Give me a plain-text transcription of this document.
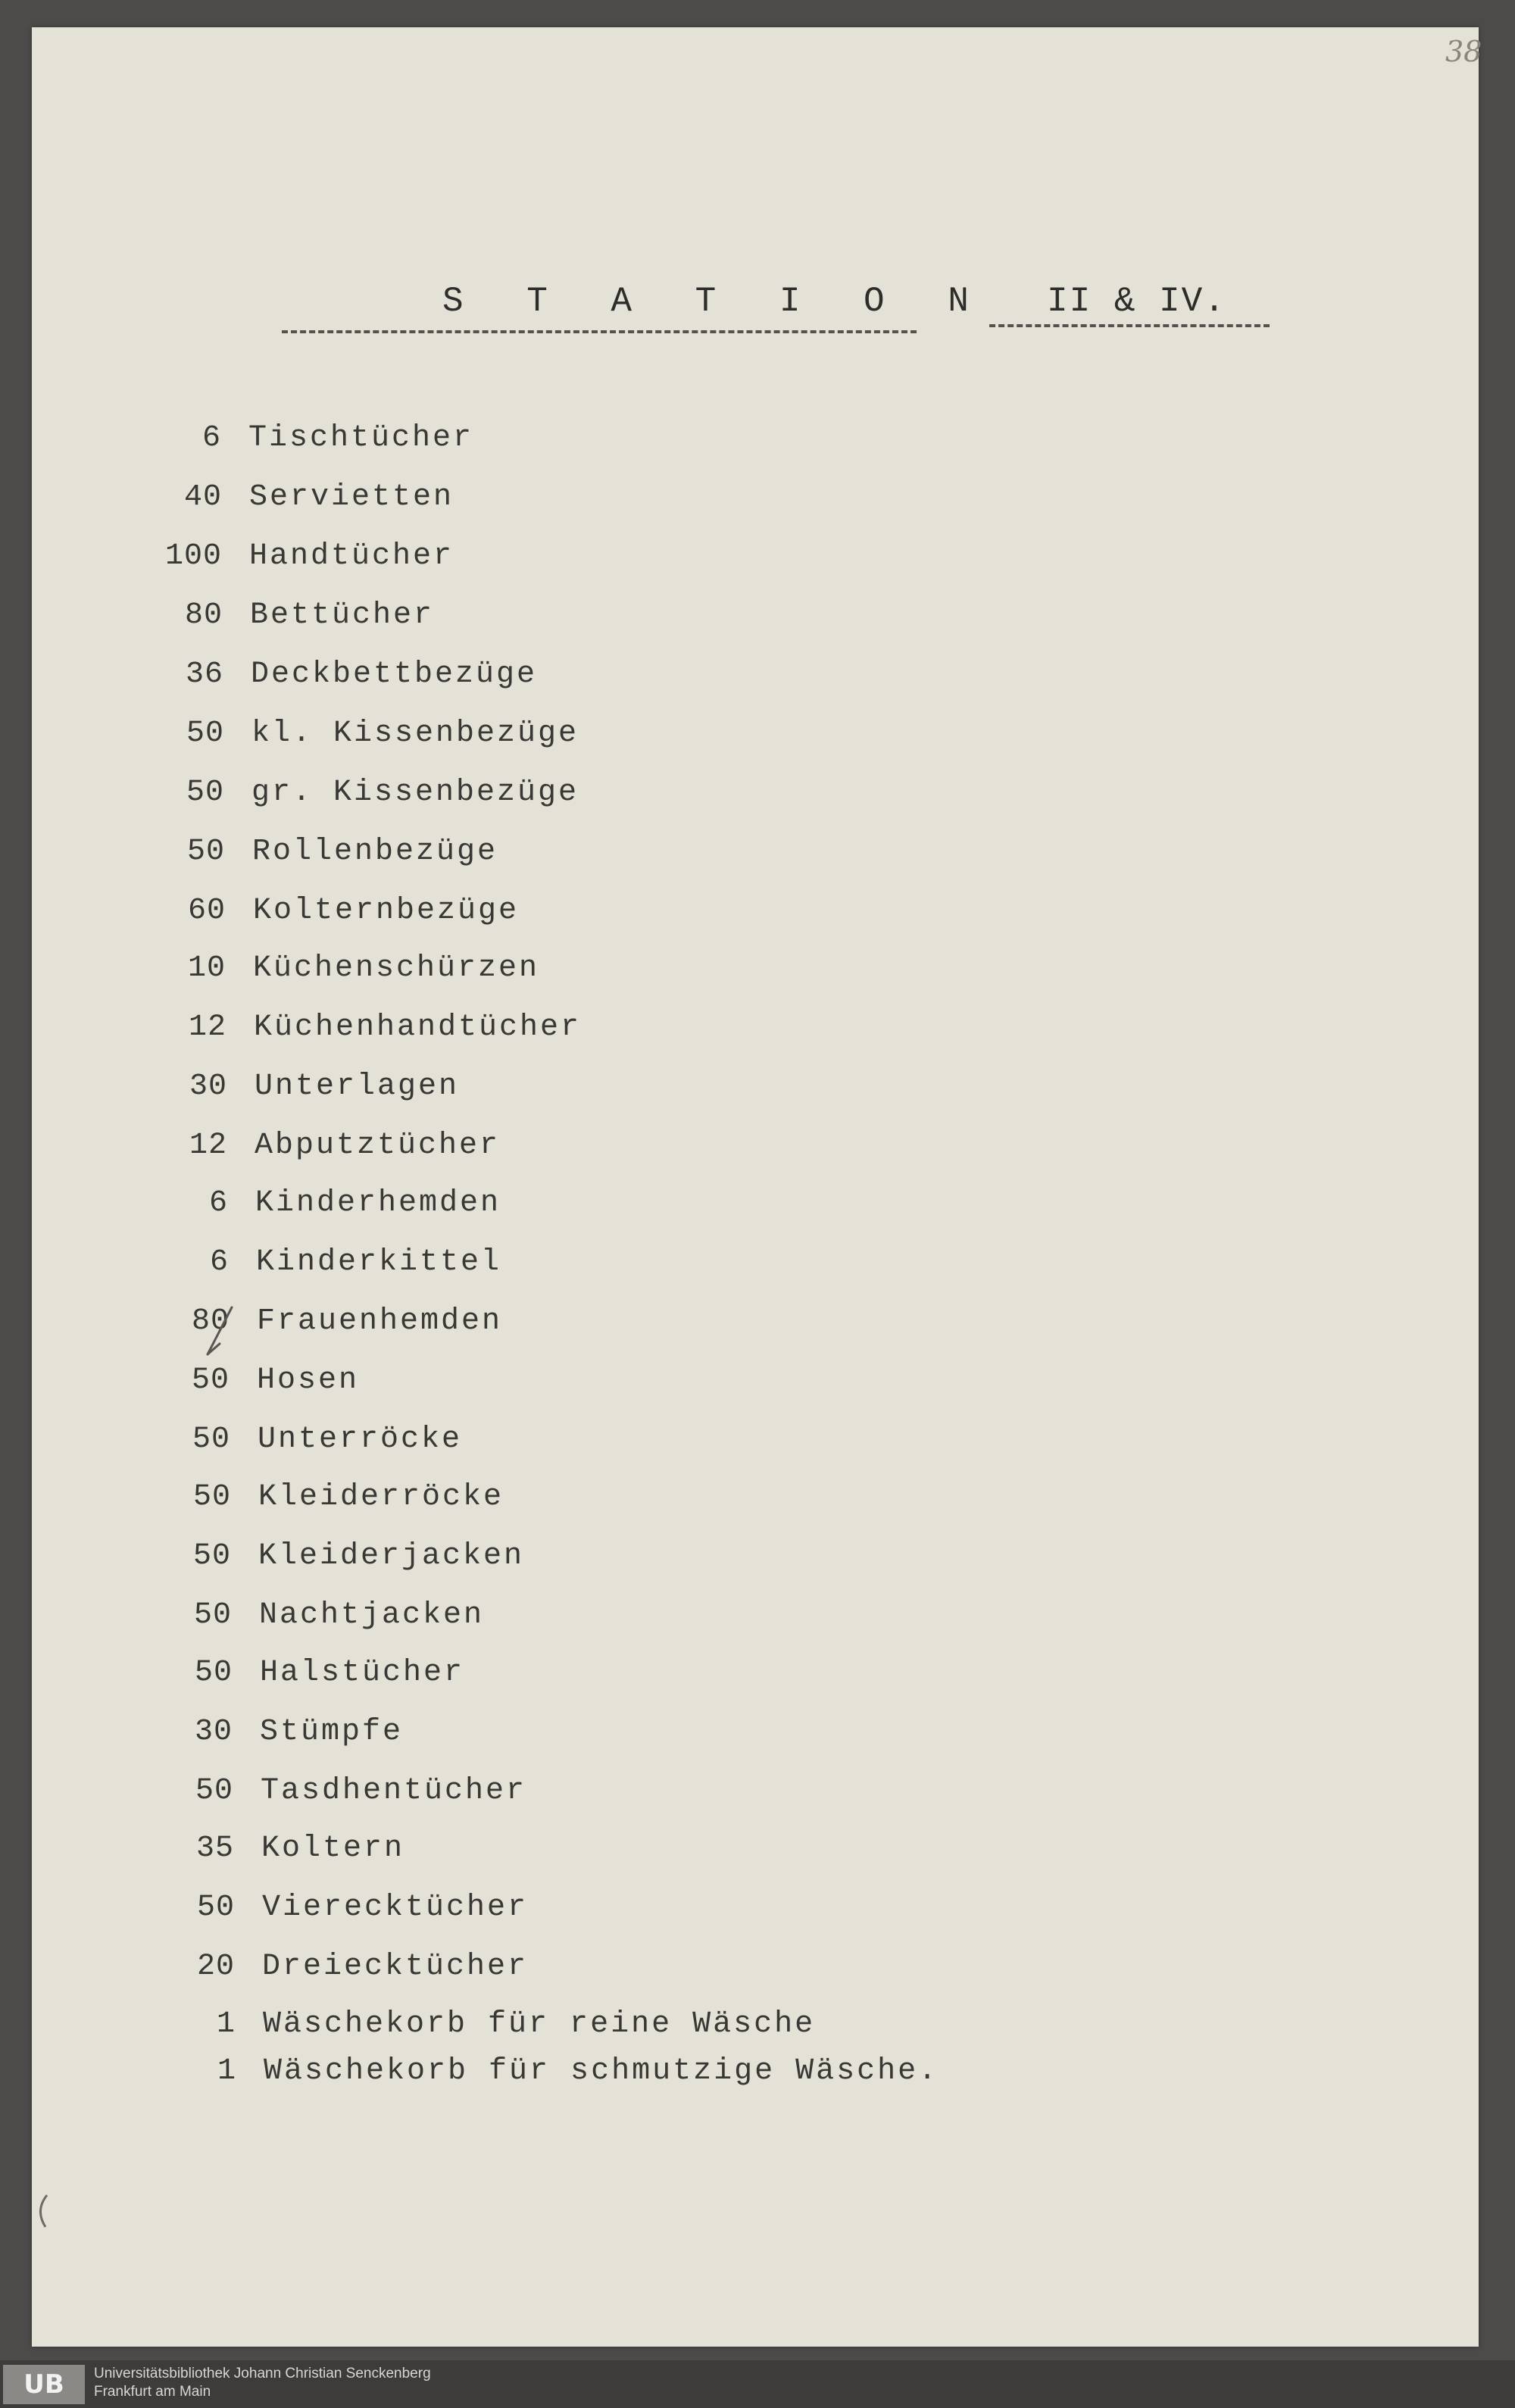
38
S T A T I O N II & IV.
6 Tischtücher
40 Servietten
100 Handtücher
80 Bettücher
36 Deckbettbezüge
50 kl. Kissenbezüge
50 gr. Kissenbezüge
50 Rollenbezüge
60 Kolternbezüge
10 Küchenschürzen
12 Küchenhandtücher
30 Unterlagen
12 Abputztücher
6 Kinderhemden
6 Kinderkittel
80 Frauenhemden
50 Hosen
50 Unterröcke
50 Kleiderröcke
50 Kleiderjacken
50 Nachtjacken
50 Halstücher
30 Stümpfe
50 Tasdhentücher
35 Koltern
50 Vierecktücher
20 Dreiecktücher
1 Wäschekorb für reine Wäsche
1 Wäschekorb für schmutzige Wäsche.
UB	Universitätsbibliothek Johann Christian Senckenberg
Frankfurt am Main
